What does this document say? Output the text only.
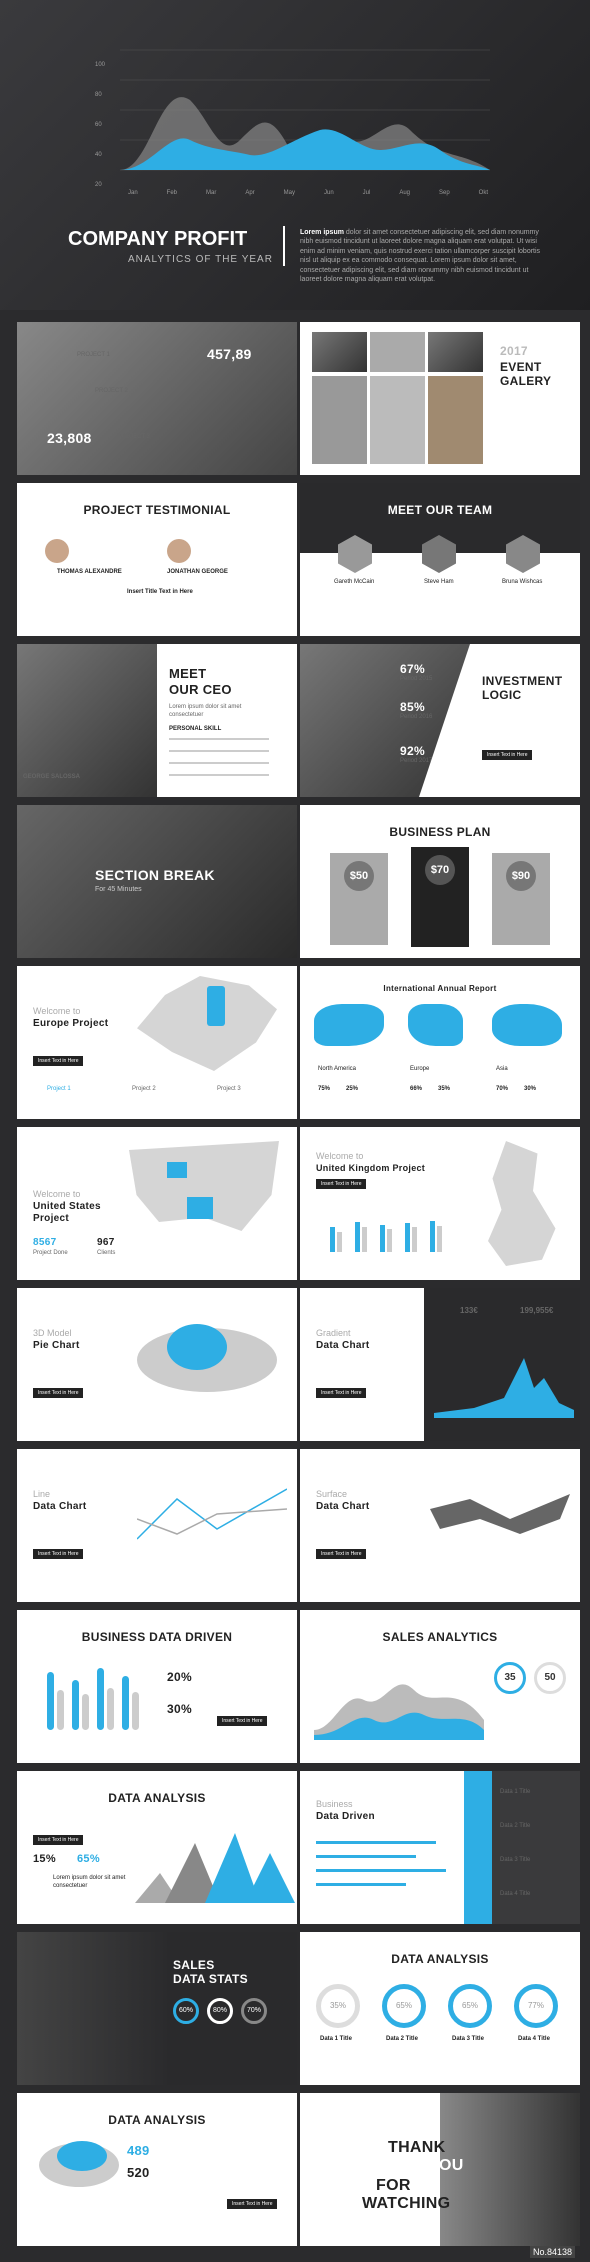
100
80
60
40
20
Jan	Feb	Mar	Apr	May	Jun	Jul	Aug	Sep	Okt
COMPANY PROFIT
ANALYTICS OF THE YEAR
Lorem ipsum dolor sit amet consectetuer adipiscing elit, sed diam nonummy nibh euismod tincidunt ut laoreet dolore magna aliquam erat volutpat. Ut wisi enim ad minim veniam, quis nostrud exerci tation ullamcorper suscipit lobortis nisl ut aliquip ex ea commodo consequat. Lorem ipsum dolor sit amet, consectetuer adipiscing elit, sed diam nonummy nibh euismod tincidunt ut laoreet dolore magna aliquam erat volutpat.
PROJECT 1
PROJECT 2
PROJECT 3
457,89
23,808
2017
EVENT
GALERY
PROJECT TESTIMONIAL
THOMAS ALEXANDRE	JONATHAN GEORGE
Insert Title Text in Here
MEET OUR TEAM
Gareth McCain	Steve Ham	Bruna Wishcas
GEORGE SALOSSA
MEET
OUR CEO
Lorem ipsum dolor sit amet consectetuer
PERSONAL SKILL
67%
Period 2015
85%
Period 2016
92%
Period 2017
INVESTMENT
LOGIC
Insert Text in Here
SECTION BREAK
For 45 Minutes
BUSINESS PLAN
$50	$70	$90
Welcome to
Europe Project
Insert Text in Here
Project 1	Project 2	Project 3
International Annual Report
North America	Europe	Asia
75%	25%	66%	35%	70%	30%
Welcome to
United States
Project
8567
Project Done
967
Clients
Welcome to
United Kingdom Project
Insert Text in Here
3D Model
Pie Chart
Insert Text in Here
Gradient
Data Chart
Insert Text in Here
133€	199,955€
Line
Data Chart
Insert Text in Here
Surface
Data Chart
Insert Text in Here
BUSINESS DATA DRIVEN
20%
30%
Insert Text in Here
SALES ANALYTICS
35	50
DATA ANALYSIS
Insert Text in Here
15% 65%
Lorem ipsum dolor sit amet consectetuer
Business
Data Driven
Data 1 Title
Data 2 Title
Data 3 Title
Data 4 Title
SALES
DATA STATS
60%	80%	70%
DATA ANALYSIS
35%	65%	65%	77%
Data 1 Title	Data 2 Title	Data 3 Title	Data 4 Title
DATA ANALYSIS
489
520
Insert Text in Here
THANK
YOU
FOR
WATCHING
www.lfx20.com
No.84138
